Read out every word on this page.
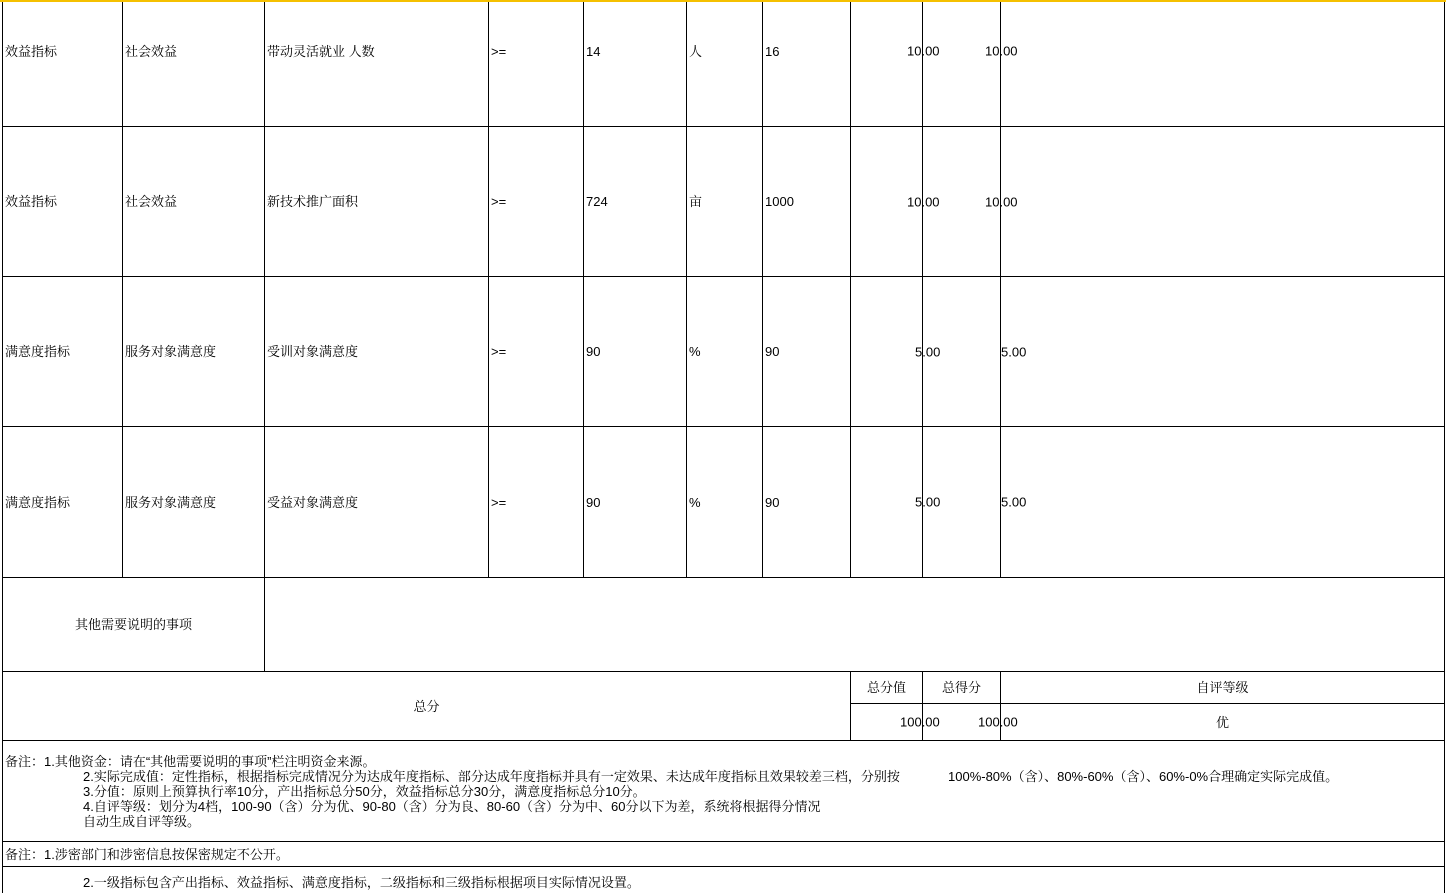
效益指标	社会效益	带动灵活就业 人数	>=	14	人	16	10.00	10.00
效益指标	社会效益	新技术推广面积	>=	724	亩	1000	10.00	10.00
满意度指标	服务对象满意度	受训对象满意度	>=	90	%	90	5.00	5.00
满意度指标	服务对象满意度	受益对象满意度	>=	90	%	90	5.00	5.00
其他需要说明的事项
总分
总分值	总得分	自评等级
100.00	100.00	优
备注：1.其他资金：请在“其他需要说明的事项”栏注明资金来源。
2.实际完成值：定性指标，根据指标完成情况分为达成年度指标、部分达成年度指标并具有一定效果、未达成年度指标且效果较差三档，分别按	100%-80%（含）、80%-60%（含）、60%-0%合理确定实际完成值。
3.分值：原则上预算执行率10分，产出指标总分50分，效益指标总分30分，满意度指标总分10分。
4.自评等级：划分为4档，100-90（含）分为优、90-80（含）分为良、80-60（含）分为中、60分以下为差，系统将根据得分情况
自动生成自评等级。
备注：1.涉密部门和涉密信息按保密规定不公开。
2.一级指标包含产出指标、效益指标、满意度指标，二级指标和三级指标根据项目实际情况设置。
